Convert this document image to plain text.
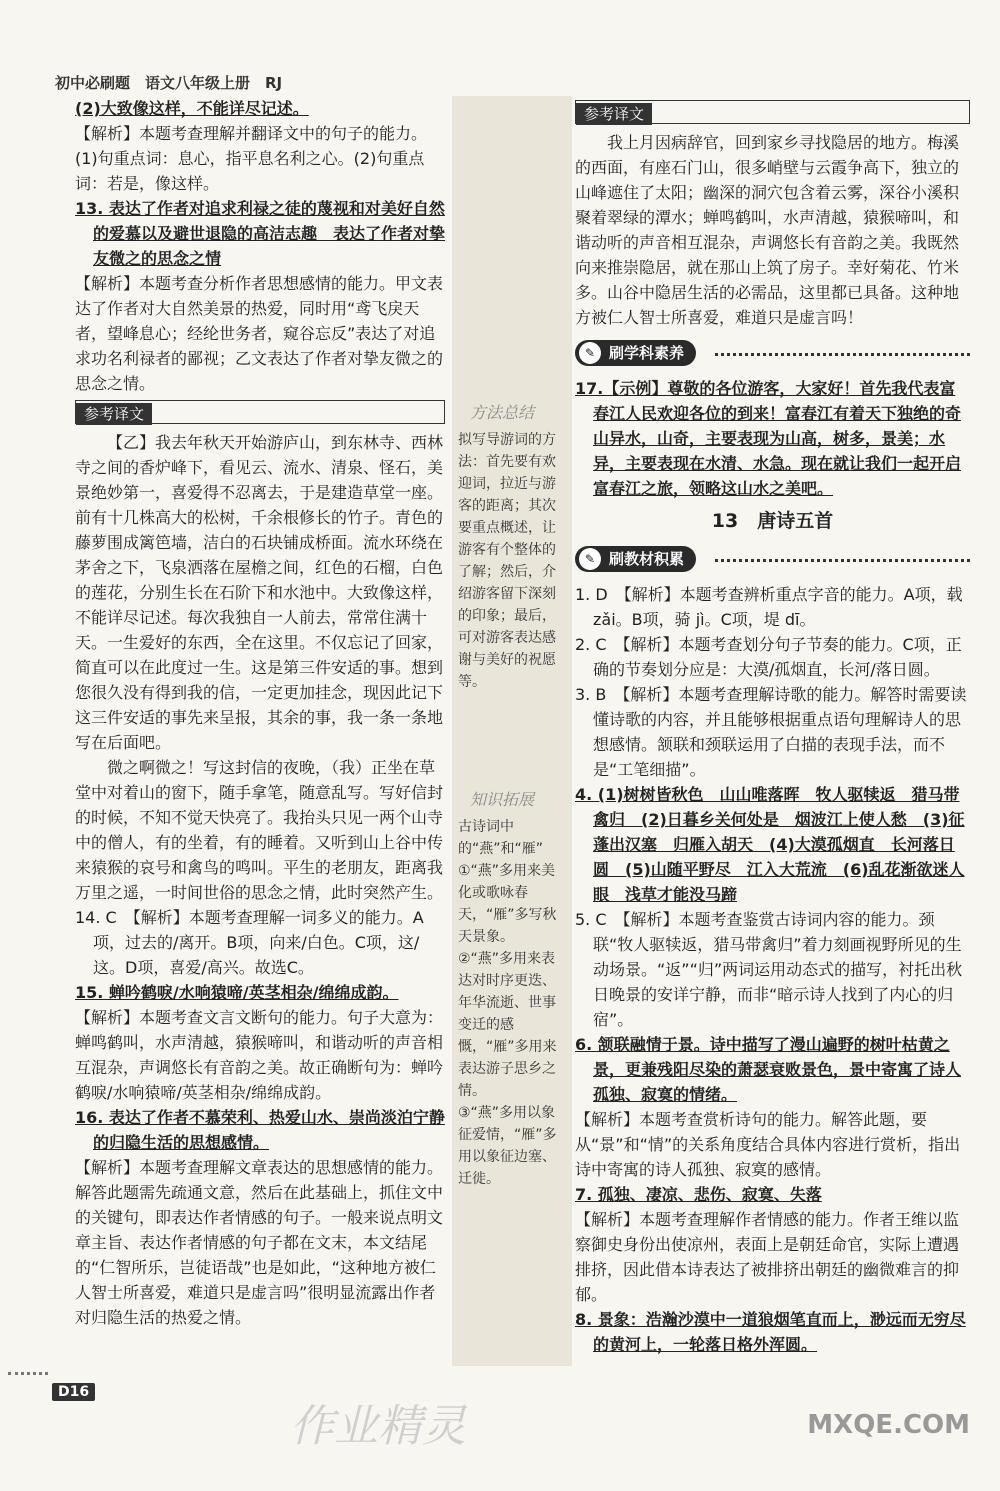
初中必刷题　语文八年级上册　RJ

(2)大致像这样，不能详尽记述。

【解析】本题考查理解并翻译文中的句子的能力。(1)句重点词：息心，指平息名利之心。(2)句重点词：若是，像这样。

13. 表达了作者对追求利禄之徒的蔑视和对美好自然的爱慕以及避世退隐的高洁志趣　表达了作者对挚友微之的思念之情

【解析】本题考查分析作者思想感情的能力。甲文表达了作者对大自然美景的热爱，同时用“鸢飞戾天者，望峰息心；经纶世务者，窥谷忘反”表达了对追求功名利禄者的鄙视；乙文表达了作者对挚友微之的思念之情。

参考译文

【乙】我去年秋天开始游庐山，到东林寺、西林寺之间的香炉峰下，看见云、流水、清泉、怪石，美景绝妙第一，喜爱得不忍离去，于是建造草堂一座。前有十几株高大的松树，千余根修长的竹子。青色的藤萝围成篱笆墙，洁白的石块铺成桥面。流水环绕在茅舍之下，飞泉洒落在屋檐之间，红色的石榴，白色的莲花，分别生长在石阶下和水池中。大致像这样，不能详尽记述。每次我独自一人前去，常常住满十天。一生爱好的东西，全在这里。不仅忘记了回家，简直可以在此度过一生。这是第三件安适的事。想到您很久没有得到我的信，一定更加挂念，现因此记下这三件安适的事先来呈报，其余的事，我一条一条地写在后面吧。

微之啊微之！写这封信的夜晚，（我）正坐在草堂中对着山的窗下，随手拿笔，随意乱写。写好信封的时候，不知不觉天快亮了。我抬头只见一两个山寺中的僧人，有的坐着，有的睡着。又听到山上谷中传来猿猴的哀号和禽鸟的鸣叫。平生的老朋友，距离我万里之遥，一时间世俗的思念之情，此时突然产生。

14. C　【解析】本题考查理解一词多义的能力。A项，过去的/离开。B项，向来/白色。C项，这/这。D项，喜爱/高兴。故选C。

15. 蝉吟鹤唳/水响猿啼/英茎相杂/绵绵成韵。

【解析】本题考查文言文断句的能力。句子大意为：蝉鸣鹤叫，水声清越，猿猴啼叫，和谐动听的声音相互混杂，声调悠长有音韵之美。故正确断句为：蝉吟鹤唳/水响猿啼/英茎相杂/绵绵成韵。

16. 表达了作者不慕荣利、热爱山水、崇尚淡泊宁静的归隐生活的思想感情。

【解析】本题考查理解文章表达的思想感情的能力。解答此题需先疏通文意，然后在此基础上，抓住文中的关键句，即表达作者情感的句子。一般来说点明文章主旨、表达作者情感的句子都在文末，本文结尾的“仁智所乐，岂徒语哉”也是如此，“这种地方被仁人智士所喜爱，难道只是虚言吗”很明显流露出作者对归隐生活的热爱之情。

方法总结
拟写导游词的方法：首先要有欢迎词，拉近与游客的距离；其次要重点概述，让游客有个整体的了解；然后，介绍游客留下深刻的印象；最后，可对游客表达感谢与美好的祝愿等。
知识拓展
古诗词中的“燕”和“雁”
①“燕”多用来美化或歌咏春天，“雁”多写秋天景象。
②“燕”多用来表达对时序更迭、年华流逝、世事变迁的感慨，“雁”多用来表达游子思乡之情。
③“燕”多用以象征爱情，“雁”多用以象征边塞、迁徙。
参考译文

我上月因病辞官，回到家乡寻找隐居的地方。梅溪的西面，有座石门山，很多峭壁与云霞争高下，独立的山峰遮住了太阳；幽深的洞穴包含着云雾，深谷小溪积聚着翠绿的潭水；蝉鸣鹤叫，水声清越，猿猴啼叫，和谐动听的声音相互混杂，声调悠长有音韵之美。我既然向来推崇隐居，就在那山上筑了房子。幸好菊花、竹米多。山谷中隐居生活的必需品，这里都已具备。这种地方被仁人智士所喜爱，难道只是虚言吗！

✎ 刷学科素养

17.【示例】尊敬的各位游客，大家好！首先我代表富春江人民欢迎各位的到来！富春江有着天下独绝的奇山异水，山奇，主要表现为山高，树多，景美；水异，主要表现在水清、水急。现在就让我们一起开启富春江之旅，领略这山水之美吧。

13　唐诗五首
✎ 刷教材积累

1. D　【解析】本题考查辨析重点字音的能力。A项，载zǎi。B项，骑 jì。C项，堤 dī。

2. C　【解析】本题考查划分句子节奏的能力。C项，正确的节奏划分应是：大漠/孤烟直，长河/落日圆。

3. B　【解析】本题考查理解诗歌的能力。解答时需要读懂诗歌的内容，并且能够根据重点语句理解诗人的思想感情。颔联和颈联运用了白描的表现手法，而不是“工笔细描”。

4. (1)树树皆秋色　山山唯落晖　牧人驱犊返　猎马带禽归　(2)日暮乡关何处是　烟波江上使人愁　(3)征蓬出汉塞　归雁入胡天　(4)大漠孤烟直　长河落日圆　(5)山随平野尽　江入大荒流　(6)乱花渐欲迷人眼　浅草才能没马蹄

5. C　【解析】本题考查鉴赏古诗词内容的能力。颈联“牧人驱犊返，猎马带禽归”着力刻画视野所见的生动场景。“返”“归”两词运用动态式的描写，衬托出秋日晚景的安详宁静，而非“暗示诗人找到了内心的归宿”。

6. 颔联融情于景。诗中描写了漫山遍野的树叶枯黄之景，更兼残阳尽染的萧瑟衰败景色，景中寄寓了诗人孤独、寂寞的情绪。

【解析】本题考查赏析诗句的能力。解答此题，要从“景”和“情”的关系角度结合具体内容进行赏析，指出诗中寄寓的诗人孤独、寂寞的感情。

7. 孤独、凄凉、悲伤、寂寞、失落

【解析】本题考查理解作者情感的能力。作者王维以监察御史身份出使凉州，表面上是朝廷命官，实际上遭遇排挤，因此借本诗表达了被排挤出朝廷的幽微难言的抑郁。

8. 景象：浩瀚沙漠中一道狼烟笔直而上，渺远而无穷尽的黄河上，一轮落日格外浑圆。

D16
作业精灵	MXQE.COM
